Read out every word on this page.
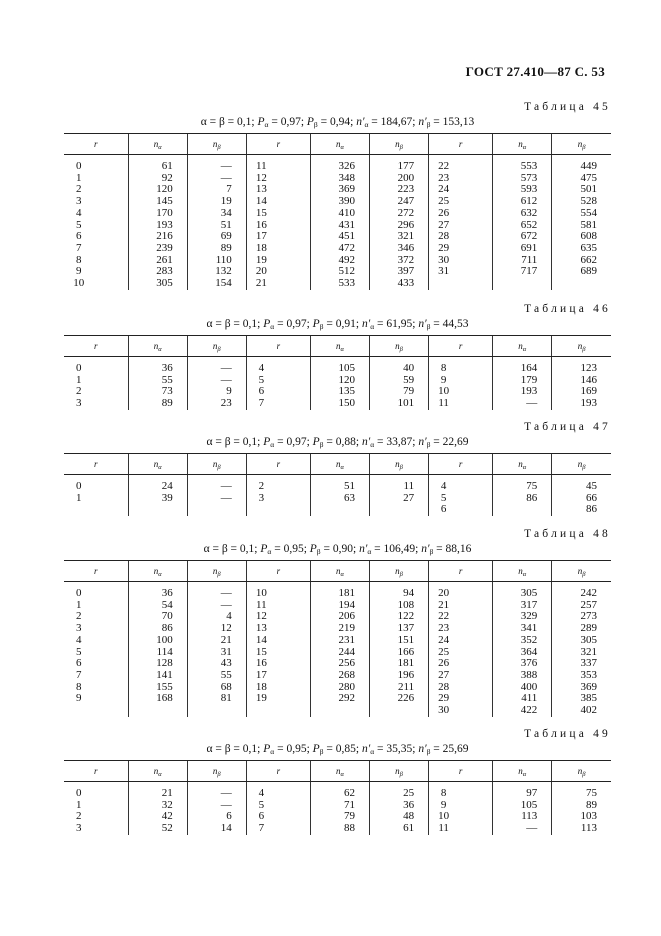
ГОСТ 27.410—87 С. 53
Таблица 45
α = β = 0,1; $P_\alpha = 0,97$; $P_\beta = 0,94$; $n'_\alpha = 184,67$; $n'_\beta = 153,13$
r	$n_\alpha$	$n_\beta$	r	$n_\alpha$	$n_\beta$	r	$n_\alpha$	$n_\beta$
0	61	—	11	326	177	22	553	449
1	92	—	12	348	200	23	573	475
2	120	7	13	369	223	24	593	501
3	145	19	14	390	247	25	612	528
4	170	34	15	410	272	26	632	554
5	193	51	16	431	296	27	652	581
6	216	69	17	451	321	28	672	608
7	239	89	18	472	346	29	691	635
8	261	110	19	492	372	30	711	662
9	283	132	20	512	397	31	717	689
10	305	154	21	533	433			
Таблица 46
α = β = 0,1; $P_\alpha = 0,97$; $P_\beta = 0,91$; $n'_\alpha = 61,95$; $n'_\beta = 44,53$
r	$n_\alpha$	$n_\beta$	r	$n_\alpha$	$n_\beta$	r	$n_\alpha$	$n_\beta$
0	36	—	4	105	40	8	164	123
1	55	—	5	120	59	9	179	146
2	73	9	6	135	79	10	193	169
3	89	23	7	150	101	11	—	193
Таблица 47
α = β = 0,1; $P_\alpha = 0,97$; $P_\beta = 0,88$; $n'_\alpha = 33,87$; $n'_\beta = 22,69$
r	$n_\alpha$	$n_\beta$	r	$n_\alpha$	$n_\beta$	r	$n_\alpha$	$n_\beta$
0	24	—	2	51	11	4	75	45
1	39	—	3	63	27	5	86	66
						6		86
Таблица 48
α = β = 0,1; $P_\alpha = 0,95$; $P_\beta = 0,90$; $n'_\alpha = 106,49$; $n'_\beta = 88,16$
r	$n_\alpha$	$n_\beta$	r	$n_\alpha$	$n_\beta$	r	$n_\alpha$	$n_\beta$
0	36	—	10	181	94	20	305	242
1	54	—	11	194	108	21	317	257
2	70	4	12	206	122	22	329	273
3	86	12	13	219	137	23	341	289
4	100	21	14	231	151	24	352	305
5	114	31	15	244	166	25	364	321
6	128	43	16	256	181	26	376	337
7	141	55	17	268	196	27	388	353
8	155	68	18	280	211	28	400	369
9	168	81	19	292	226	29	411	385
						30	422	402
Таблица 49
α = β = 0,1; $P_\alpha = 0,95$; $P_\beta = 0,85$; $n'_\alpha = 35,35$; $n'_\beta = 25,69$
r	$n_\alpha$	$n_\beta$	r	$n_\alpha$	$n_\beta$	r	$n_\alpha$	$n_\beta$
0	21	—	4	62	25	8	97	75
1	32	—	5	71	36	9	105	89
2	42	6	6	79	48	10	113	103
3	52	14	7	88	61	11	—	113
